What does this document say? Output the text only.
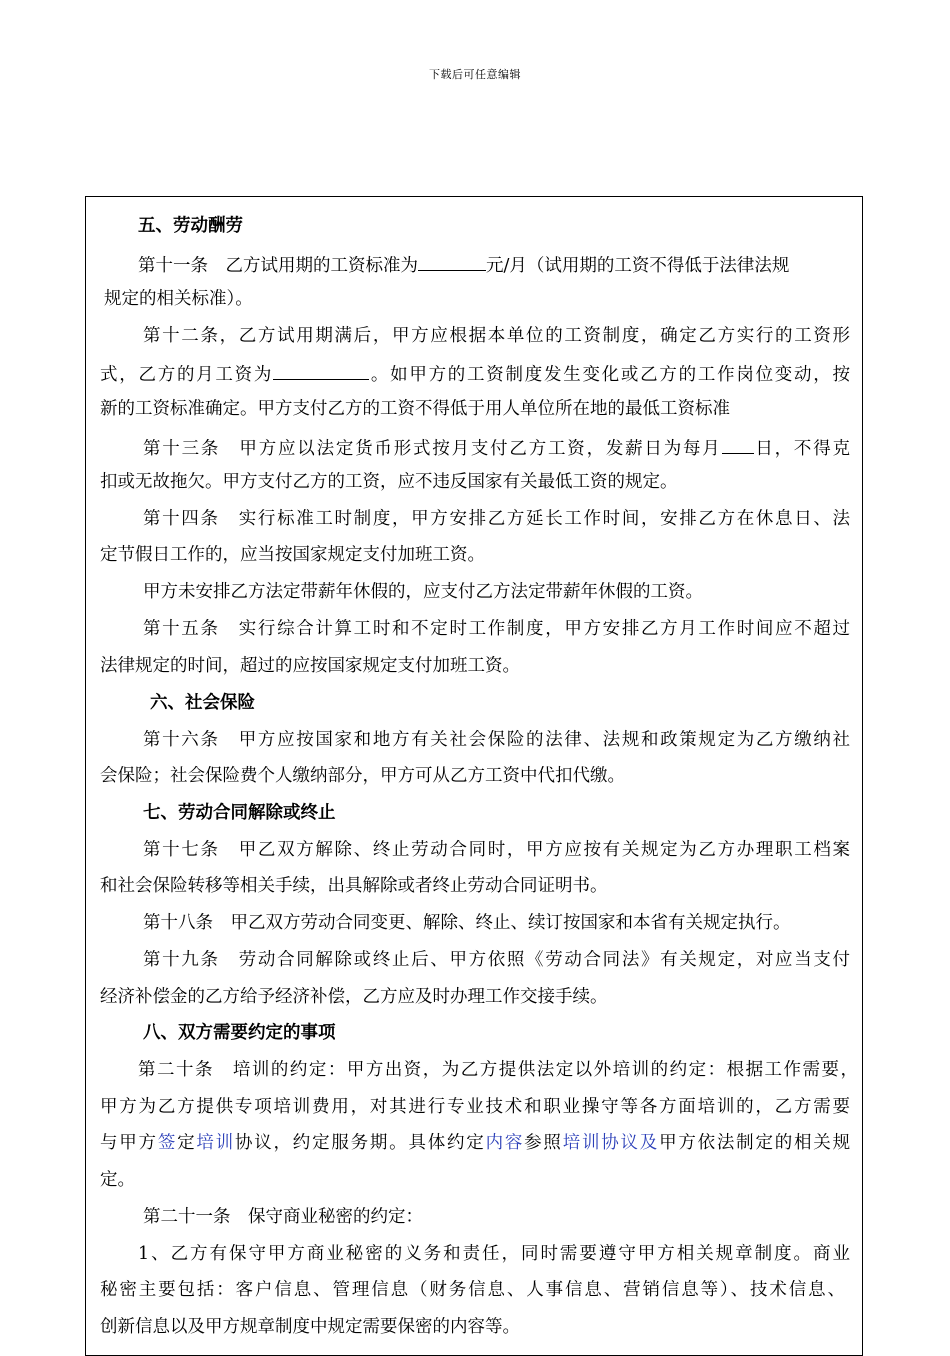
下载后可任意编辑
五、劳动酬劳
第十一条　乙方试用期的工资标准为	元/月（试用期的工资不得低于法律法规
规定的相关标准）。
第十二条，乙方试用期满后，甲方应根据本单位的工资制度，确定乙方实行的工资形
式，乙方的月工资为	。如甲方的工资制度发生变化或乙方的工作岗位变动，按
新的工资标准确定。甲方支付乙方的工资不得低于用人单位所在地的最低工资标准
第十三条　甲方应以法定货币形式按月支付乙方工资，发薪日为每月 日，不得克
扣或无故拖欠。甲方支付乙方的工资，应不违反国家有关最低工资的规定。
第十四条　实行标准工时制度，甲方安排乙方延长工作时间，安排乙方在休息日、法
定节假日工作的，应当按国家规定支付加班工资。
甲方未安排乙方法定带薪年休假的，应支付乙方法定带薪年休假的工资。
第十五条　实行综合计算工时和不定时工作制度，甲方安排乙方月工作时间应不超过
法律规定的时间，超过的应按国家规定支付加班工资。
六、社会保险
第十六条　甲方应按国家和地方有关社会保险的法律、法规和政策规定为乙方缴纳社
会保险；社会保险费个人缴纳部分，甲方可从乙方工资中代扣代缴。
七、劳动合同解除或终止
第十七条　甲乙双方解除、终止劳动合同时，甲方应按有关规定为乙方办理职工档案
和社会保险转移等相关手续，出具解除或者终止劳动合同证明书。
第十八条　甲乙双方劳动合同变更、解除、终止、续订按国家和本省有关规定执行。
第十九条　劳动合同解除或终止后、甲方依照《劳动合同法》有关规定，对应当支付
经济补偿金的乙方给予经济补偿，乙方应及时办理工作交接手续。
八、双方需要约定的事项
第二十条　培训的约定：甲方出资，为乙方提供法定以外培训的约定：根据工作需要，
甲方为乙方提供专项培训费用，对其进行专业技术和职业操守等各方面培训的，乙方需要
与甲方签定培训协议，约定服务期。具体约定内容参照培训协议及甲方依法制定的相关规
定。
第二十一条　保守商业秘密的约定：
1、乙方有保守甲方商业秘密的义务和责任，同时需要遵守甲方相关规章制度。商业
秘密主要包括：客户信息、管理信息（财务信息、人事信息、营销信息等）、技术信息、
创新信息以及甲方规章制度中规定需要保密的内容等。
